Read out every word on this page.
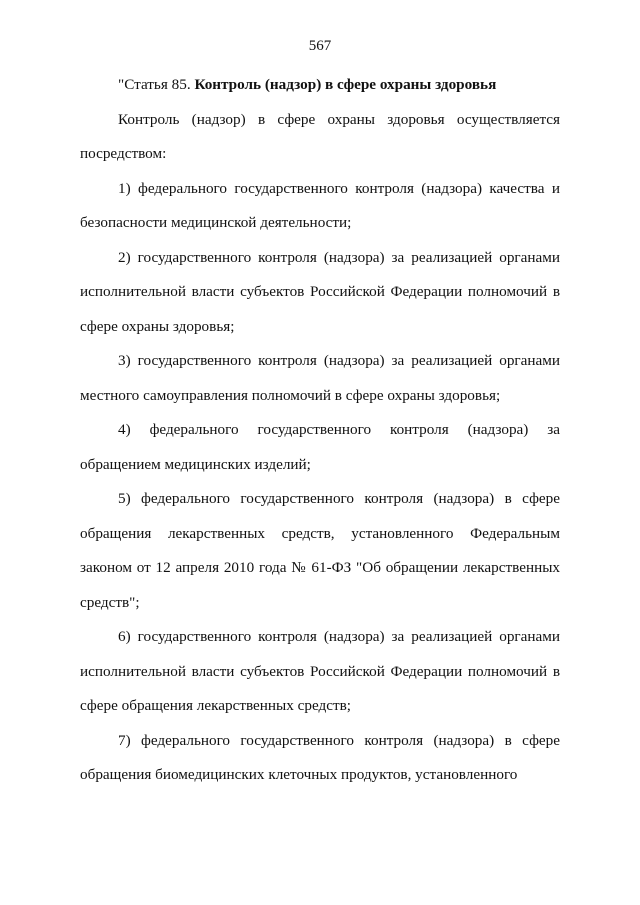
567

"Статья 85. Контроль (надзор) в сфере охраны здоровья

Контроль (надзор) в сфере охраны здоровья осуществляется посредством:

1) федерального государственного контроля (надзора) качества и безопасности медицинской деятельности;

2) государственного контроля (надзора) за реализацией органами исполнительной власти субъектов Российской Федерации полномочий в сфере охраны здоровья;

3) государственного контроля (надзора) за реализацией органами местного самоуправления полномочий в сфере охраны здоровья;

4) федерального государственного контроля (надзора) за обращением медицинских изделий;

5) федерального государственного контроля (надзора) в сфере обращения лекарственных средств, установленного Федеральным законом от 12 апреля 2010 года № 61-ФЗ "Об обращении лекарственных средств";

6) государственного контроля (надзора) за реализацией органами исполнительной власти субъектов Российской Федерации полномочий в сфере обращения лекарственных средств;

7) федерального государственного контроля (надзора) в сфере обращения биомедицинских клеточных продуктов, установленного
